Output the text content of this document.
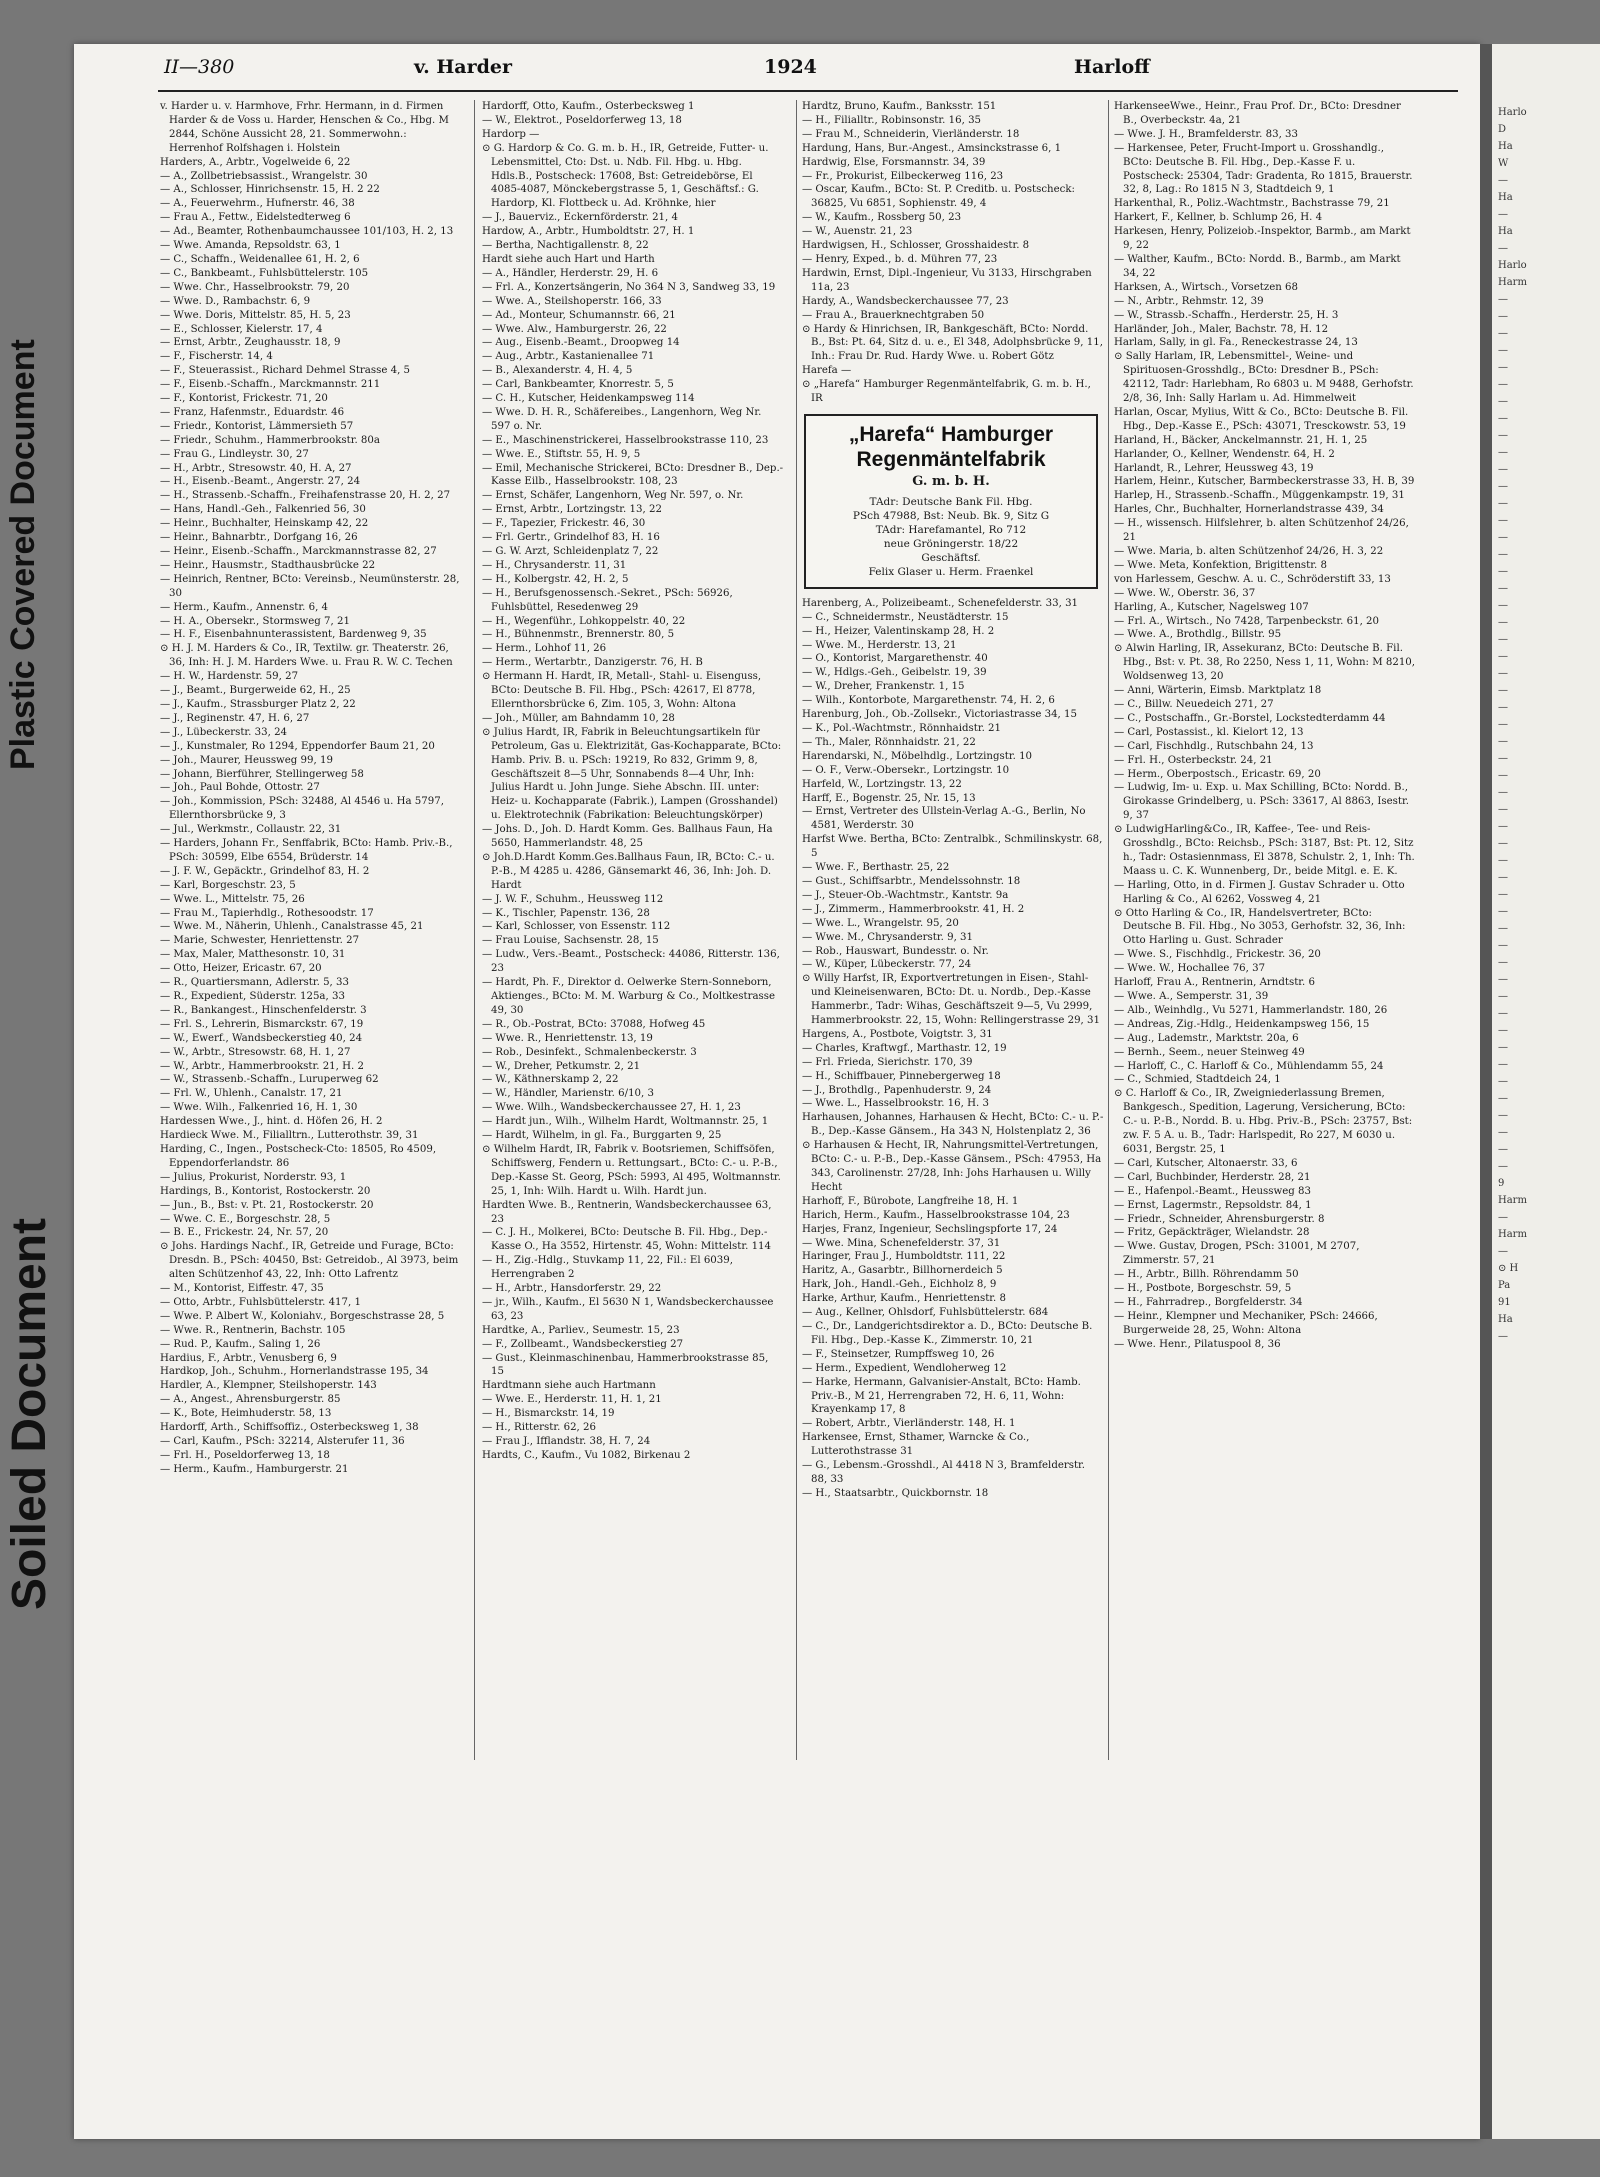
Plastic Covered Document
Soiled Document
Harlo
D
Ha
W
—
Ha
—
Ha
—
Harlo
Harm
—
—
—
—
—
—
—
—
—
—
—
—
—
—
—
—
—
—
—
—
—
—
—
—
—
—
—
—
—
—
—
—
—
—
—
—
—
—
—
—
—
—
—
—
—
—
—
—
—
—
—
—
9
Harm
—
Harm
—
⊙ H
Pa
91
Ha
—
II—380	v. Harder	1924	Harloff

v. Harder u. v. Harmhove, Frhr. Hermann, in d. Firmen Harder & de Voss u. Harder, Henschen & Co., Hbg. M 2844, Schöne Aussicht 28, 21. Sommerwohn.: Herrenhof Rolfshagen i. Holstein

Harders, A., Arbtr., Vogelweide 6, 22

— A., Zollbetriebsassist., Wrangelstr. 30

— A., Schlosser, Hinrichsenstr. 15, H. 2 22

— A., Feuerwehrm., Hufnerstr. 46, 38

— Frau A., Fettw., Eidelstedterweg 6

— Ad., Beamter, Rothenbaumchaussee 101/103, H. 2, 13

— Wwe. Amanda, Repsoldstr. 63, 1

— C., Schaffn., Weidenallee 61, H. 2, 6

— C., Bankbeamt., Fuhlsbüttelerstr. 105

— Wwe. Chr., Hasselbrookstr. 79, 20

— Wwe. D., Rambachstr. 6, 9

— Wwe. Doris, Mittelstr. 85, H. 5, 23

— E., Schlosser, Kielerstr. 17, 4

— Ernst, Arbtr., Zeughausstr. 18, 9

— F., Fischerstr. 14, 4

— F., Steuerassist., Richard Dehmel Strasse 4, 5

— F., Eisenb.-Schaffn., Marckmannstr. 211

— F., Kontorist, Frickestr. 71, 20

— Franz, Hafenmstr., Eduardstr. 46

— Friedr., Kontorist, Lämmersieth 57

— Friedr., Schuhm., Hammerbrookstr. 80a

— Frau G., Lindleystr. 30, 27

— H., Arbtr., Stresowstr. 40, H. A, 27

— H., Eisenb.-Beamt., Angerstr. 27, 24

— H., Strassenb.-Schaffn., Freihafenstrasse 20, H. 2, 27

— Hans, Handl.-Geh., Falkenried 56, 30

— Heinr., Buchhalter, Heinskamp 42, 22

— Heinr., Bahnarbtr., Dorfgang 16, 26

— Heinr., Eisenb.-Schaffn., Marckmannstrasse 82, 27

— Heinr., Hausmstr., Stadthausbrücke 22

— Heinrich, Rentner, BCto: Vereinsb., Neumünsterstr. 28, 30

— Herm., Kaufm., Annenstr. 6, 4

— H. A., Obersekr., Stormsweg 7, 21

— H. F., Eisenbahnunterassistent, Bardenweg 9, 35

⊙ H. J. M. Harders & Co., IR, Textilw. gr. Theaterstr. 26, 36, Inh: H. J. M. Harders Wwe. u. Frau R. W. C. Techen

— H. W., Hardenstr. 59, 27

— J., Beamt., Burgerweide 62, H., 25

— J., Kaufm., Strassburger Platz 2, 22

— J., Reginenstr. 47, H. 6, 27

— J., Lübeckerstr. 33, 24

— J., Kunstmaler, Ro 1294, Eppendorfer Baum 21, 20

— Joh., Maurer, Heussweg 99, 19

— Johann, Bierführer, Stellingerweg 58

— Joh., Paul Bohde, Ottostr. 27

— Joh., Kommission, PSch: 32488, Al 4546 u. Ha 5797, Ellernthorsbrücke 9, 3

— Jul., Werkmstr., Collaustr. 22, 31

— Harders, Johann Fr., Senffabrik, BCto: Hamb. Priv.-B., PSch: 30599, Elbe 6554, Brüderstr. 14

— J. F. W., Gepäcktr., Grindelhof 83, H. 2

— Karl, Borgeschstr. 23, 5

— Wwe. L., Mittelstr. 75, 26

— Frau M., Tapierhdlg., Rothesoodstr. 17

— Wwe. M., Näherin, Uhlenh., Canalstrasse 45, 21

— Marie, Schwester, Henriettenstr. 27

— Max, Maler, Matthesonstr. 10, 31

— Otto, Heizer, Ericastr. 67, 20

— R., Quartiersmann, Adlerstr. 5, 33

— R., Expedient, Süderstr. 125a, 33

— R., Bankangest., Hinschenfelderstr. 3

— Frl. S., Lehrerin, Bismarckstr. 67, 19

— W., Ewerf., Wandsbeckerstieg 40, 24

— W., Arbtr., Stresowstr. 68, H. 1, 27

— W., Arbtr., Hammerbrookstr. 21, H. 2

— W., Strassenb.-Schaffn., Luruperweg 62

— Frl. W., Uhlenh., Canalstr. 17, 21

— Wwe. Wilh., Falkenried 16, H. 1, 30

Hardessen Wwe., J., hint. d. Höfen 26, H. 2

Hardieck Wwe. M., Filialltrn., Lutterothstr. 39, 31

Harding, C., Ingen., Postscheck-Cto: 18505, Ro 4509, Eppendorferlandstr. 86

— Julius, Prokurist, Norderstr. 93, 1

Hardings, B., Kontorist, Rostockerstr. 20

— Jun., B., Bst: v. Pt. 21, Rostockerstr. 20

— Wwe. C. E., Borgeschstr. 28, 5

— B. E., Frickestr. 24, Nr. 57, 20

⊙ Johs. Hardings Nachf., IR, Getreide und Furage, BCto: Dresdn. B., PSch: 40450, Bst: Getreidob., Al 3973, beim alten Schützenhof 43, 22, Inh: Otto Lafrentz

— M., Kontorist, Eiffestr. 47, 35

— Otto, Arbtr., Fuhlsbüttelerstr. 417, 1

— Wwe. P. Albert W., Koloniahv., Borgeschstrasse 28, 5

— Wwe. R., Rentnerin, Bachstr. 105

— Rud. P., Kaufm., Saling 1, 26

Hardius, F., Arbtr., Venusberg 6, 9

Hardkop, Joh., Schuhm., Hornerlandstrasse 195, 34

Hardler, A., Klempner, Steilshoperstr. 143

— A., Angest., Ahrensburgerstr. 85

— K., Bote, Heimhuderstr. 58, 13

Hardorff, Arth., Schiffsoffiz., Osterbecksweg 1, 38

— Carl, Kaufm., PSch: 32214, Alsterufer 11, 36

— Frl. H., Poseldorferweg 13, 18

— Herm., Kaufm., Hamburgerstr. 21

Hardorff, Otto, Kaufm., Osterbecksweg 1

— W., Elektrot., Poseldorferweg 13, 18

Hardorp —

⊙ G. Hardorp & Co. G. m. b. H., IR, Getreide, Futter- u. Lebensmittel, Cto: Dst. u. Ndb. Fil. Hbg. u. Hbg. Hdls.B., Postscheck: 17608, Bst: Getreidebörse, El 4085-4087, Mönckebergstrasse 5, 1, Geschäftsf.: G. Hardorp, Kl. Flottbeck u. Ad. Kröhnke, hier

— J., Bauerviz., Eckernförderstr. 21, 4

Hardow, A., Arbtr., Humboldtstr. 27, H. 1

— Bertha, Nachtigallenstr. 8, 22

Hardt siehe auch Hart und Harth

— A., Händler, Herderstr. 29, H. 6

— Frl. A., Konzertsängerin, No 364 N 3, Sandweg 33, 19

— Wwe. A., Steilshoperstr. 166, 33

— Ad., Monteur, Schumannstr. 66, 21

— Wwe. Alw., Hamburgerstr. 26, 22

— Aug., Eisenb.-Beamt., Droopweg 14

— Aug., Arbtr., Kastanienallee 71

— B., Alexanderstr. 4, H. 4, 5

— Carl, Bankbeamter, Knorrestr. 5, 5

— C. H., Kutscher, Heidenkampsweg 114

— Wwe. D. H. R., Schäfereibes., Langenhorn, Weg Nr. 597 o. Nr.

— E., Maschinenstrickerei, Hasselbrookstrasse 110, 23

— Wwe. E., Stiftstr. 55, H. 9, 5

— Emil, Mechanische Strickerei, BCto: Dresdner B., Dep.-Kasse Eilb., Hasselbrookstr. 108, 23

— Ernst, Schäfer, Langenhorn, Weg Nr. 597, o. Nr.

— Ernst, Arbtr., Lortzingstr. 13, 22

— F., Tapezier, Frickestr. 46, 30

— Frl. Gertr., Grindelhof 83, H. 16

— G. W. Arzt, Schleidenplatz 7, 22

— H., Chrysanderstr. 11, 31

— H., Kolbergstr. 42, H. 2, 5

— H., Berufsgenossensch.-Sekret., PSch: 56926, Fuhlsbüttel, Resedenweg 29

— H., Wegenführ., Lohkoppelstr. 40, 22

— H., Bühnenmstr., Brennerstr. 80, 5

— Herm., Lohhof 11, 26

— Herm., Wertarbtr., Danzigerstr. 76, H. B

⊙ Hermann H. Hardt, IR, Metall-, Stahl- u. Eisenguss, BCto: Deutsche B. Fil. Hbg., PSch: 42617, El 8778, Ellernthorsbrücke 6, Zim. 105, 3, Wohn: Altona

— Joh., Müller, am Bahndamm 10, 28

⊙ Julius Hardt, IR, Fabrik in Beleuchtungsartikeln für Petroleum, Gas u. Elektrizität, Gas-Kochapparate, BCto: Hamb. Priv. B. u. PSch: 19219, Ro 832, Grimm 9, 8, Geschäftszeit 8—5 Uhr, Sonnabends 8—4 Uhr, Inh: Julius Hardt u. John Junge. Siehe Abschn. III. unter: Heiz- u. Kochapparate (Fabrik.), Lampen (Grosshandel) u. Elektrotechnik (Fabrikation: Beleuchtungskörper)

— Johs. D., Joh. D. Hardt Komm. Ges. Ballhaus Faun, Ha 5650, Hammerlandstr. 48, 25

⊙ Joh.D.Hardt Komm.Ges.Ballhaus Faun, IR, BCto: C.- u. P.-B., M 4285 u. 4286, Gänsemarkt 46, 36, Inh: Joh. D. Hardt

— J. W. F., Schuhm., Heussweg 112

— K., Tischler, Papenstr. 136, 28

— Karl, Schlosser, von Essenstr. 112

— Frau Louise, Sachsenstr. 28, 15

— Ludw., Vers.-Beamt., Postscheck: 44086, Ritterstr. 136, 23

— Hardt, Ph. F., Direktor d. Oelwerke Stern-Sonneborn, Aktienges., BCto: M. M. Warburg & Co., Moltkestrasse 49, 30

— R., Ob.-Postrat, BCto: 37088, Hofweg 45

— Wwe. R., Henriettenstr. 13, 19

— Rob., Desinfekt., Schmalenbeckerstr. 3

— W., Dreher, Petkumstr. 2, 21

— W., Käthnerskamp 2, 22

— W., Händler, Marienstr. 6/10, 3

— Wwe. Wilh., Wandsbeckerchaussee 27, H. 1, 23

— Hardt jun., Wilh., Wilhelm Hardt, Woltmannstr. 25, 1

— Hardt, Wilhelm, in gl. Fa., Burggarten 9, 25

⊙ Wilhelm Hardt, IR, Fabrik v. Bootsriemen, Schiffsöfen, Schiffswerg, Fendern u. Rettungsart., BCto: C.- u. P.-B., Dep.-Kasse St. Georg, PSch: 5993, Al 495, Woltmannstr. 25, 1, Inh: Wilh. Hardt u. Wilh. Hardt jun.

Hardten Wwe. B., Rentnerin, Wandsbeckerchaussee 63, 23

— C. J. H., Molkerei, BCto: Deutsche B. Fil. Hbg., Dep.-Kasse O., Ha 3552, Hirtenstr. 45, Wohn: Mittelstr. 114

— H., Zig.-Hdlg., Stuvkamp 11, 22, Fil.: El 6039, Herrengraben 2

— H., Arbtr., Hansdorferstr. 29, 22

— jr., Wilh., Kaufm., El 5630 N 1, Wandsbeckerchaussee 63, 23

Hardtke, A., Parliev., Seumestr. 15, 23

— F., Zollbeamt., Wandsbeckerstieg 27

— Gust., Kleinmaschinenbau, Hammerbrookstrasse 85, 15

Hardtmann siehe auch Hartmann

— Wwe. E., Herderstr. 11, H. 1, 21

— H., Bismarckstr. 14, 19

— H., Ritterstr. 62, 26

— Frau J., Ifflandstr. 38, H. 7, 24

Hardts, C., Kaufm., Vu 1082, Birkenau 2

Hardtz, Bruno, Kaufm., Banksstr. 151

— H., Filialltr., Robinsonstr. 16, 35

— Frau M., Schneiderin, Vierländerstr. 18

Hardung, Hans, Bur.-Angest., Amsinckstrasse 6, 1

Hardwig, Else, Forsmannstr. 34, 39

— Fr., Prokurist, Eilbeckerweg 116, 23

— Oscar, Kaufm., BCto: St. P. Creditb. u. Postscheck: 36825, Vu 6851, Sophienstr. 49, 4

— W., Kaufm., Rossberg 50, 23

— W., Auenstr. 21, 23

Hardwigsen, H., Schlosser, Grosshaidestr. 8

— Henry, Exped., b. d. Mühren 77, 23

Hardwin, Ernst, Dipl.-Ingenieur, Vu 3133, Hirschgraben 11a, 23

Hardy, A., Wandsbeckerchaussee 77, 23

— Frau A., Brauerknechtgraben 50

⊙ Hardy & Hinrichsen, IR, Bankgeschäft, BCto: Nordd. B., Bst: Pt. 64, Sitz d. u. e., El 348, Adolphsbrücke 9, 11, Inh.: Frau Dr. Rud. Hardy Wwe. u. Robert Götz

Harefa —

⊙ „Harefa“ Hamburger Regenmäntelfabrik, G. m. b. H., IR

„Harefa“ Hamburger
Regenmäntelfabrik
G. m. b. H.
TAdr: Deutsche Bank Fil. Hbg.
PSch 47988, Bst: Neub. Bk. 9, Sitz G
TAdr: Harefamantel, Ro 712
neue Gröningerstr. 18/22
Geschäftsf.
Felix Glaser u. Herm. Fraenkel

Harenberg, A., Polizeibeamt., Schenefelderstr. 33, 31

— C., Schneidermstr., Neustädterstr. 15

— H., Heizer, Valentinskamp 28, H. 2

— Wwe. M., Herderstr. 13, 21

— O., Kontorist, Margarethenstr. 40

— W., Hdlgs.-Geh., Geibelstr. 19, 39

— W., Dreher, Frankenstr. 1, 15

— Wilh., Kontorbote, Margarethenstr. 74, H. 2, 6

Harenburg, Joh., Ob.-Zollsekr., Victoriastrasse 34, 15

— K., Pol.-Wachtmstr., Rönnhaidstr. 21

— Th., Maler, Rönnhaidstr. 21, 22

Harendarski, N., Möbelhdlg., Lortzingstr. 10

— O. F., Verw.-Obersekr., Lortzingstr. 10

Harfeld, W., Lortzingstr. 13, 22

Harff, E., Bogenstr. 25, Nr. 15, 13

— Ernst, Vertreter des Ullstein-Verlag A.-G., Berlin, No 4581, Werderstr. 30

Harfst Wwe. Bertha, BCto: Zentralbk., Schmilinskystr. 68, 5

— Wwe. F., Berthastr. 25, 22

— Gust., Schiffsarbtr., Mendelssohnstr. 18

— J., Steuer-Ob.-Wachtmstr., Kantstr. 9a

— J., Zimmerm., Hammerbrookstr. 41, H. 2

— Wwe. L., Wrangelstr. 95, 20

— Wwe. M., Chrysanderstr. 9, 31

— Rob., Hauswart, Bundesstr. o. Nr.

— W., Küper, Lübeckerstr. 77, 24

⊙ Willy Harfst, IR, Exportvertretungen in Eisen-, Stahl- und Kleineisenwaren, BCto: Dt. u. Nordb., Dep.-Kasse Hammerbr., Tadr: Wihas, Geschäftszeit 9—5, Vu 2999, Hammerbrookstr. 22, 15, Wohn: Rellingerstrasse 29, 31

Hargens, A., Postbote, Voigtstr. 3, 31

— Charles, Kraftwgf., Marthastr. 12, 19

— Frl. Frieda, Sierichstr. 170, 39

— H., Schiffbauer, Pinnebergerweg 18

— J., Brothdlg., Papenhuderstr. 9, 24

— Wwe. L., Hasselbrookstr. 16, H. 3

Harhausen, Johannes, Harhausen & Hecht, BCto: C.- u. P.-B., Dep.-Kasse Gänsem., Ha 343 N, Holstenplatz 2, 36

⊙ Harhausen & Hecht, IR, Nahrungsmittel-Vertretungen, BCto: C.- u. P.-B., Dep.-Kasse Gänsem., PSch: 47953, Ha 343, Carolinenstr. 27/28, Inh: Johs Harhausen u. Willy Hecht

Harhoff, F., Bürobote, Langfreihe 18, H. 1

Harich, Herm., Kaufm., Hasselbrookstrasse 104, 23

Harjes, Franz, Ingenieur, Sechslingspforte 17, 24

— Wwe. Mina, Schenefelderstr. 37, 31

Haringer, Frau J., Humboldtstr. 111, 22

Haritz, A., Gasarbtr., Billhornerdeich 5

Hark, Joh., Handl.-Geh., Eichholz 8, 9

Harke, Arthur, Kaufm., Henriettenstr. 8

— Aug., Kellner, Ohlsdorf, Fuhlsbüttelerstr. 684

— C., Dr., Landgerichtsdirektor a. D., BCto: Deutsche B. Fil. Hbg., Dep.-Kasse K., Zimmerstr. 10, 21

— F., Steinsetzer, Rumpffsweg 10, 26

— Herm., Expedient, Wendloherweg 12

— Harke, Hermann, Galvanisier-Anstalt, BCto: Hamb. Priv.-B., M 21, Herrengraben 72, H. 6, 11, Wohn: Krayenkamp 17, 8

— Robert, Arbtr., Vierländerstr. 148, H. 1

Harkensee, Ernst, Sthamer, Warncke & Co., Lutterothstrasse 31

— G., Lebensm.-Grosshdl., Al 4418 N 3, Bramfelderstr. 88, 33

— H., Staatsarbtr., Quickbornstr. 18

HarkenseeWwe., Heinr., Frau Prof. Dr., BCto: Dresdner B., Overbeckstr. 4a, 21

— Wwe. J. H., Bramfelderstr. 83, 33

— Harkensee, Peter, Frucht-Import u. Grosshandlg., BCto: Deutsche B. Fil. Hbg., Dep.-Kasse F. u. Postscheck: 25304, Tadr: Gradenta, Ro 1815, Brauerstr. 32, 8, Lag.: Ro 1815 N 3, Stadtdeich 9, 1

Harkenthal, R., Poliz.-Wachtmstr., Bachstrasse 79, 21

Harkert, F., Kellner, b. Schlump 26, H. 4

Harkesen, Henry, Polizeiob.-Inspektor, Barmb., am Markt 9, 22

— Walther, Kaufm., BCto: Nordd. B., Barmb., am Markt 34, 22

Harksen, A., Wirtsch., Vorsetzen 68

— N., Arbtr., Rehmstr. 12, 39

— W., Strassb.-Schaffn., Herderstr. 25, H. 3

Harländer, Joh., Maler, Bachstr. 78, H. 12

Harlam, Sally, in gl. Fa., Reneckestrasse 24, 13

⊙ Sally Harlam, IR, Lebensmittel-, Weine- und Spirituosen-Grosshdlg., BCto: Dresdner B., PSch: 42112, Tadr: Harlebham, Ro 6803 u. M 9488, Gerhofstr. 2/8, 36, Inh: Sally Harlam u. Ad. Himmelweit

Harlan, Oscar, Mylius, Witt & Co., BCto: Deutsche B. Fil. Hbg., Dep.-Kasse E., PSch: 43071, Tresckowstr. 53, 19

Harland, H., Bäcker, Anckelmannstr. 21, H. 1, 25

Harlander, O., Kellner, Wendenstr. 64, H. 2

Harlandt, R., Lehrer, Heussweg 43, 19

Harlem, Heinr., Kutscher, Barmbeckerstrasse 33, H. B, 39

Harlep, H., Strassenb.-Schaffn., Müggenkampstr. 19, 31

Harles, Chr., Buchhalter, Hornerlandstrasse 439, 34

— H., wissensch. Hilfslehrer, b. alten Schützenhof 24/26, 21

— Wwe. Maria, b. alten Schützenhof 24/26, H. 3, 22

— Wwe. Meta, Konfektion, Brigittenstr. 8

von Harlessem, Geschw. A. u. C., Schröderstift 33, 13

— Wwe. W., Oberstr. 36, 37

Harling, A., Kutscher, Nagelsweg 107

— Frl. A., Wirtsch., No 7428, Tarpenbeckstr. 61, 20

— Wwe. A., Brothdlg., Billstr. 95

⊙ Alwin Harling, IR, Assekuranz, BCto: Deutsche B. Fil. Hbg., Bst: v. Pt. 38, Ro 2250, Ness 1, 11, Wohn: M 8210, Woldsenweg 13, 20

— Anni, Wärterin, Eimsb. Marktplatz 18

— C., Billw. Neuedeich 271, 27

— C., Postschaffn., Gr.-Borstel, Lockstedterdamm 44

— Carl, Postassist., kl. Kielort 12, 13

— Carl, Fischhdlg., Rutschbahn 24, 13

— Frl. H., Osterbeckstr. 24, 21

— Herm., Oberpostsch., Ericastr. 69, 20

— Ludwig, Im- u. Exp. u. Max Schilling, BCto: Nordd. B., Girokasse Grindelberg, u. PSch: 33617, Al 8863, Isestr. 9, 37

⊙ LudwigHarling&Co., IR, Kaffee-, Tee- und Reis-Grosshdlg., BCto: Reichsb., PSch: 3187, Bst: Pt. 12, Sitz h., Tadr: Ostasiennmass, El 3878, Schulstr. 2, 1, Inh: Th. Maass u. C. K. Wunnenberg, Dr., beide Mitgl. e. E. K.

— Harling, Otto, in d. Firmen J. Gustav Schrader u. Otto Harling & Co., Al 6262, Vossweg 4, 21

⊙ Otto Harling & Co., IR, Handelsvertreter, BCto: Deutsche B. Fil. Hbg., No 3053, Gerhofstr. 32, 36, Inh: Otto Harling u. Gust. Schrader

— Wwe. S., Fischhdlg., Frickestr. 36, 20

— Wwe. W., Hochallee 76, 37

Harloff, Frau A., Rentnerin, Arndtstr. 6

— Wwe. A., Semperstr. 31, 39

— Alb., Weinhdlg., Vu 5271, Hammerlandstr. 180, 26

— Andreas, Zig.-Hdlg., Heidenkampsweg 156, 15

— Aug., Lademstr., Marktstr. 20a, 6

— Bernh., Seem., neuer Steinweg 49

— Harloff, C., C. Harloff & Co., Mühlendamm 55, 24

— C., Schmied, Stadtdeich 24, 1

⊙ C. Harloff & Co., IR, Zweigniederlassung Bremen, Bankgesch., Spedition, Lagerung, Versicherung, BCto: C.- u. P.-B., Nordd. B. u. Hbg. Priv.-B., PSch: 23757, Bst: zw. F. 5 A. u. B., Tadr: Harlspedit, Ro 227, M 6030 u. 6031, Bergstr. 25, 1

— Carl, Kutscher, Altonaerstr. 33, 6

— Carl, Buchbinder, Herderstr. 28, 21

— E., Hafenpol.-Beamt., Heussweg 83

— Ernst, Lagermstr., Repsoldstr. 84, 1

— Friedr., Schneider, Ahrensburgerstr. 8

— Fritz, Gepäckträger, Wielandstr. 28

— Wwe. Gustav, Drogen, PSch: 31001, M 2707, Zimmerstr. 57, 21

— H., Arbtr., Billh. Röhrendamm 50

— H., Postbote, Borgeschstr. 59, 5

— H., Fahrradrep., Borgfelderstr. 34

— Heinr., Klempner und Mechaniker, PSch: 24666, Burgerweide 28, 25, Wohn: Altona

— Wwe. Henr., Pilatuspool 8, 36
